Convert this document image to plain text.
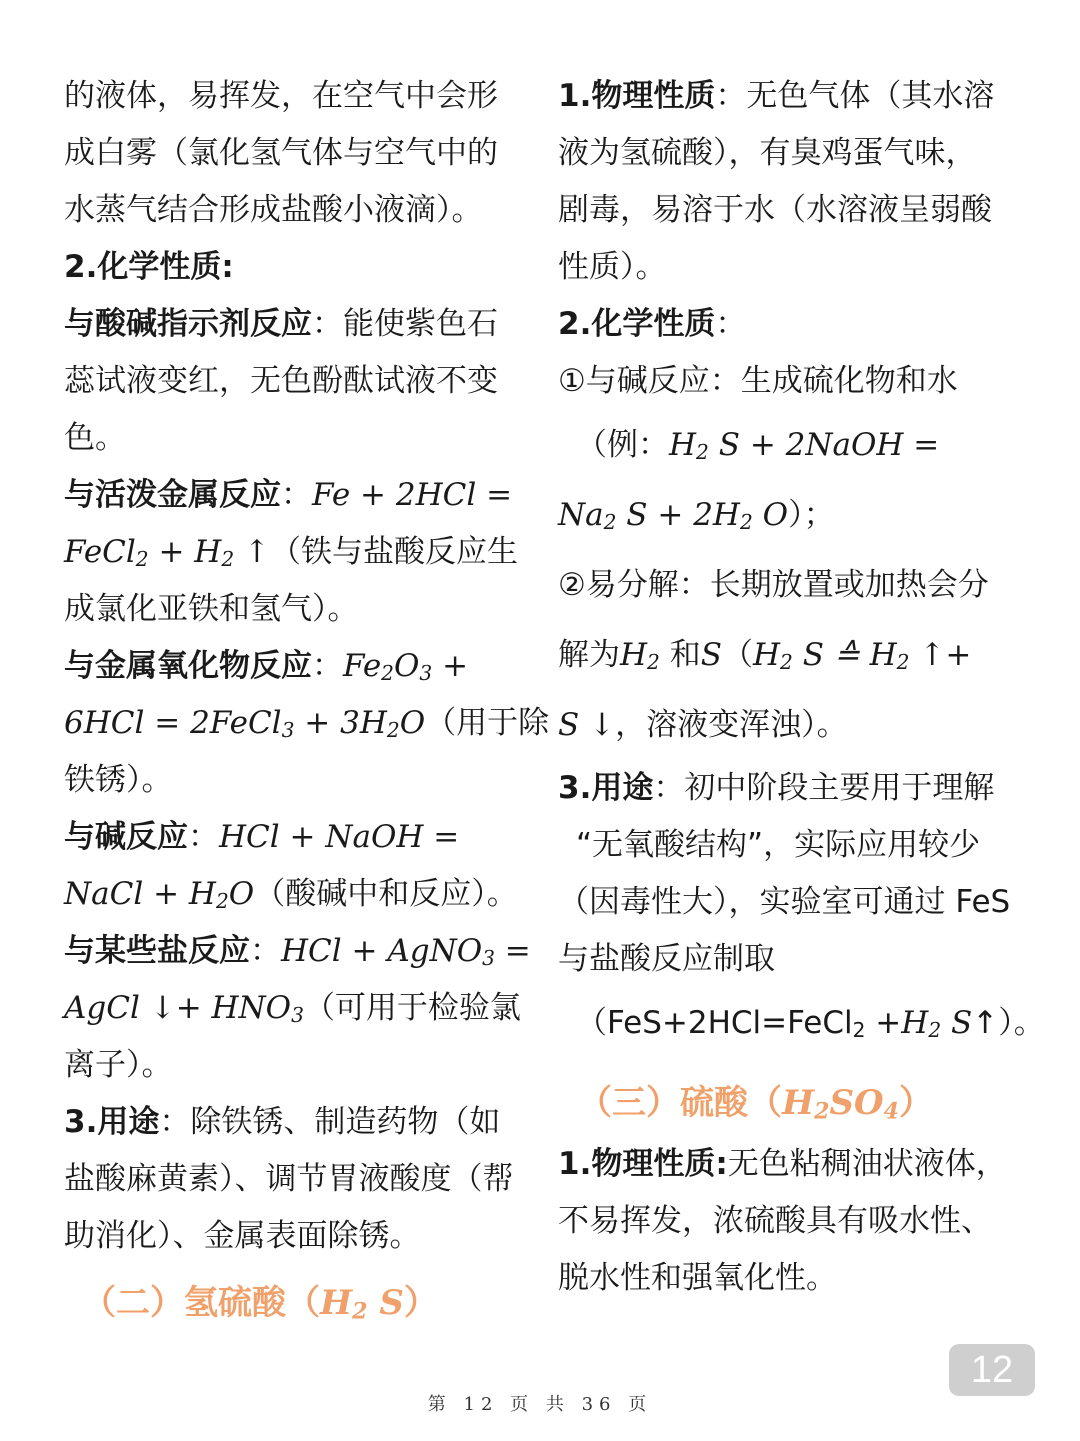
的液体，易挥发，在空气中会形
成白雾（氯化氢气体与空气中的
水蒸气结合形成盐酸小液滴）。
2.化学性质:
与酸碱指示剂反应：能使紫色石
蕊试液变红，无色酚酞试液不变
色。
与活泼金属反应：Fe + 2HCl =
FeCl$_2$ + $H_2$ ↑（铁与盐酸反应生
成氯化亚铁和氢气）。
与金属氧化物反应：$Fe_2O_3$ +
6HCl = 2FeCl$_3$ + $3H_2O$（用于除
铁锈）。
与碱反应：HCl + NaOH =
NaCl + $H_2O$（酸碱中和反应）。
与某些盐反应：HCl + AgNO$_3$ =
AgCl ↓+ $HNO_3$（可用于检验氯
离子）。
3.用途：除铁锈、制造药物（如
盐酸麻黄素）、调节胃液酸度（帮
助消化）、金属表面除锈。
（二）氢硫酸（$H_2$ S）
1.物理性质：无色气体（其水溶
液为氢硫酸），有臭鸡蛋气味，
剧毒，易溶于水（水溶液呈弱酸
性质）。
2.化学性质：
①与碱反应：生成硫化物和水
（例：$H_2$ S + 2NaOH =
$Na_2$ $S + 2H_2$ O）；
②易分解：长期放置或加热会分
解为$H_2$ 和$S(H_2$ S ≙ $H_2$ ↑+
S ↓，溶液变浑浊）。
3.用途：初中阶段主要用于理解
“无氧酸结构”，实际应用较少
（因毒性大），实验室可通过 FeS
与盐酸反应制取
（FeS+2HCl=FeCl$_2$ $+H_2$ S↑）。
（三）硫酸$(H_2SO_4)$
1.物理性质:无色粘稠油状液体，
不易挥发，浓硫酸具有吸水性、
脱水性和强氧化性。
12
第 12 页 共 36 页
